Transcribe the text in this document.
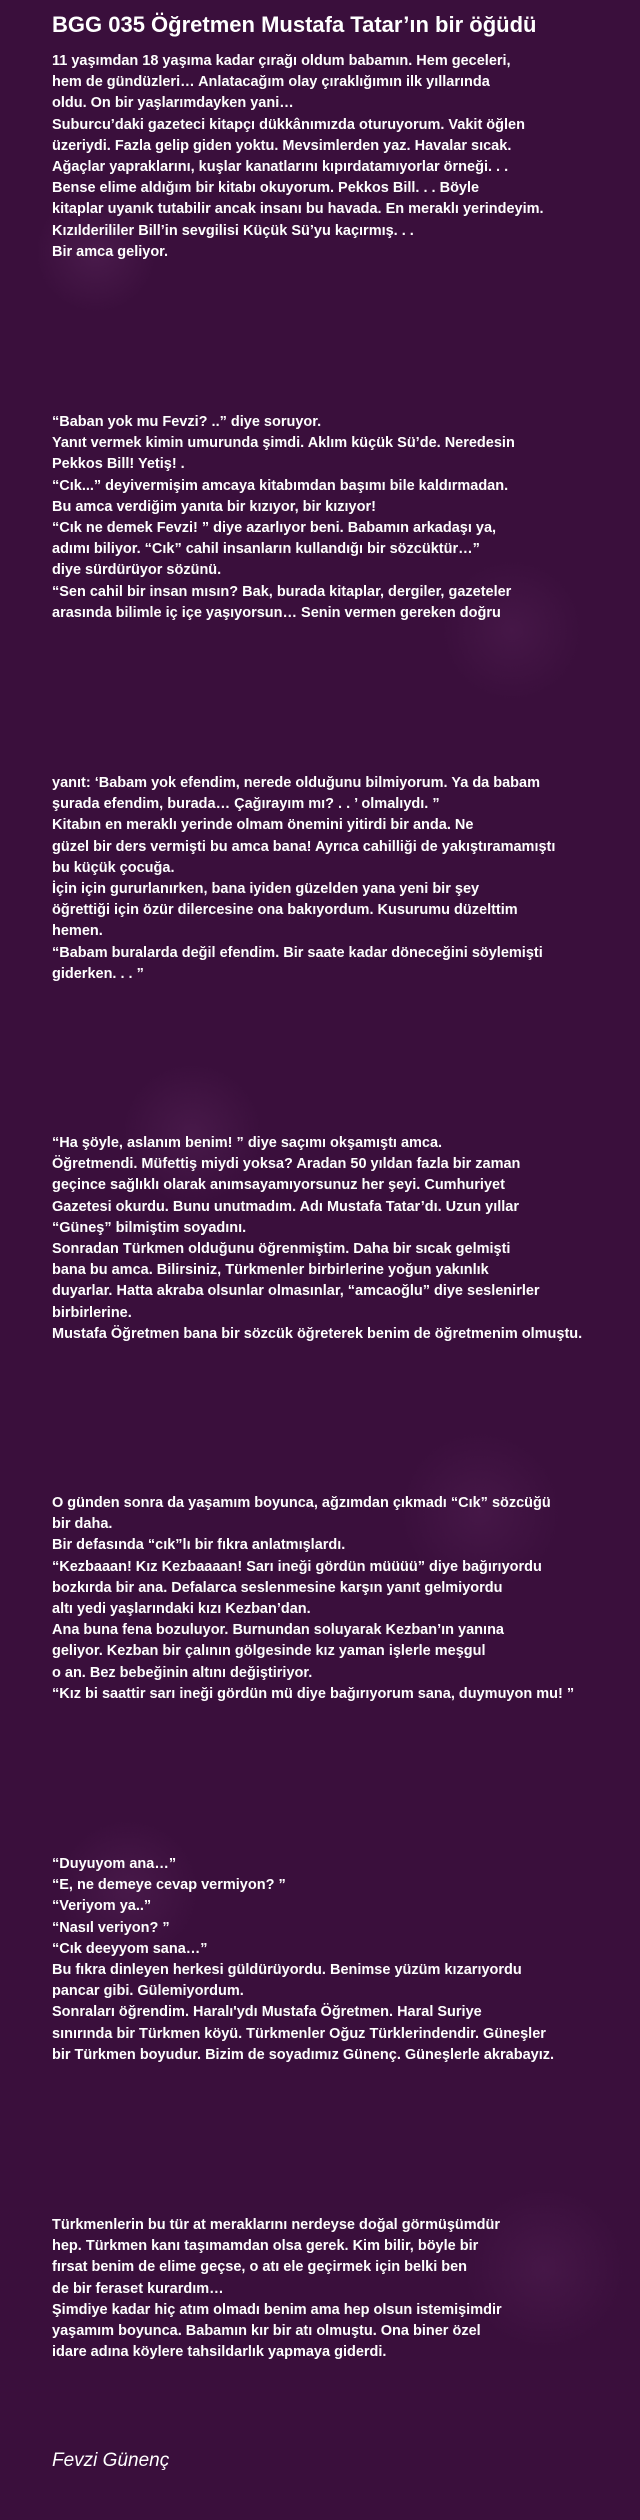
BGG 035 Öğretmen Mustafa Tatar’ın bir öğüdü
11 yaşımdan 18 yaşıma kadar çırağı oldum babamın. Hem geceleri,
hem de gündüzleri… Anlatacağım olay çıraklığımın ilk yıllarında
oldu. On bir yaşlarımdayken yani…
Suburcu’daki gazeteci kitapçı dükkânımızda oturuyorum. Vakit öğlen
üzeriydi. Fazla gelip giden yoktu. Mevsimlerden yaz. Havalar sıcak.
Ağaçlar yapraklarını, kuşlar kanatlarını kıpırdatamıyorlar örneği. . .
Bense elime aldığım bir kitabı okuyorum. Pekkos Bill. . . Böyle
kitaplar uyanık tutabilir ancak insanı bu havada. En meraklı yerindeyim.
Kızılderililer Bill’in sevgilisi Küçük Sü’yu kaçırmış. . .
Bir amca geliyor.
“Baban yok mu Fevzi? ..” diye soruyor.
Yanıt vermek kimin umurunda şimdi. Aklım küçük Sü’de. Neredesin
Pekkos Bill! Yetiş! .
“Cık...” deyivermişim amcaya kitabımdan başımı bile kaldırmadan.
Bu amca verdiğim yanıta bir kızıyor, bir kızıyor!
“Cık ne demek Fevzi! ” diye azarlıyor beni. Babamın arkadaşı ya,
adımı biliyor. “Cık” cahil insanların kullandığı bir sözcüktür…”
diye sürdürüyor sözünü.
“Sen cahil bir insan mısın? Bak, burada kitaplar, dergiler, gazeteler
arasında bilimle iç içe yaşıyorsun… Senin vermen gereken doğru
yanıt: ‘Babam yok efendim, nerede olduğunu bilmiyorum. Ya da babam
şurada efendim, burada… Çağırayım mı? . . ’ olmalıydı. ”
Kitabın en meraklı yerinde olmam önemini yitirdi bir anda. Ne
güzel bir ders vermişti bu amca bana! Ayrıca cahilliği de yakıştıramamıştı
bu küçük çocuğa.
İçin için gururlanırken, bana iyiden güzelden yana yeni bir şey
öğrettiği için özür dilercesine ona bakıyordum. Kusurumu düzelttim
hemen.
“Babam buralarda değil efendim. Bir saate kadar döneceğini söylemişti
giderken. . . ”
“Ha şöyle, aslanım benim! ” diye saçımı okşamıştı amca.
Öğretmendi. Müfettiş miydi yoksa? Aradan 50 yıldan fazla bir zaman
geçince sağlıklı olarak anımsayamıyorsunuz her şeyi. Cumhuriyet
Gazetesi okurdu. Bunu unutmadım. Adı Mustafa Tatar’dı. Uzun yıllar
“Güneş” bilmiştim soyadını.
Sonradan Türkmen olduğunu öğrenmiştim. Daha bir sıcak gelmişti
bana bu amca. Bilirsiniz, Türkmenler birbirlerine yoğun yakınlık
duyarlar. Hatta akraba olsunlar olmasınlar, “amcaoğlu” diye seslenirler
birbirlerine.
Mustafa Öğretmen bana bir sözcük öğreterek benim de öğretmenim olmuştu.
O günden sonra da yaşamım boyunca, ağzımdan çıkmadı “Cık” sözcüğü
bir daha.
Bir defasında “cık”lı bir fıkra anlatmışlardı.
“Kezbaaan! Kız Kezbaaaan! Sarı ineği gördün müüüü” diye bağırıyordu
bozkırda bir ana. Defalarca seslenmesine karşın yanıt gelmiyordu
altı yedi yaşlarındaki kızı Kezban’dan.
Ana buna fena bozuluyor. Burnundan soluyarak Kezban’ın yanına
geliyor. Kezban bir çalının gölgesinde kız yaman işlerle meşgul
o an. Bez bebeğinin altını değiştiriyor.
“Kız bi saattir sarı ineği gördün mü diye bağırıyorum sana, duymuyon mu! ”
“Duyuyom ana…”
“E, ne demeye cevap vermiyon? ”
“Veriyom ya..”
“Nasıl veriyon? ”
“Cık deeyyom sana…”
Bu fıkra dinleyen herkesi güldürüyordu. Benimse yüzüm kızarıyordu
pancar gibi. Gülemiyordum.
Sonraları öğrendim. Haralı'ydı Mustafa Öğretmen. Haral Suriye
sınırında bir Türkmen köyü. Türkmenler Oğuz Türklerindendir. Güneşler
bir Türkmen boyudur. Bizim de soyadımız Günenç. Güneşlerle akrabayız.
Türkmenlerin bu tür at meraklarını nerdeyse doğal görmüşümdür
hep. Türkmen kanı taşımamdan olsa gerek. Kim bilir, böyle bir
fırsat benim de elime geçse, o atı ele geçirmek için belki ben
de bir feraset kurardım…
Şimdiye kadar hiç atım olmadı benim ama hep olsun istemişimdir
yaşamım boyunca. Babamın kır bir atı olmuştu. Ona biner özel
idare adına köylere tahsildarlık yapmaya giderdi.
Fevzi Günenç
